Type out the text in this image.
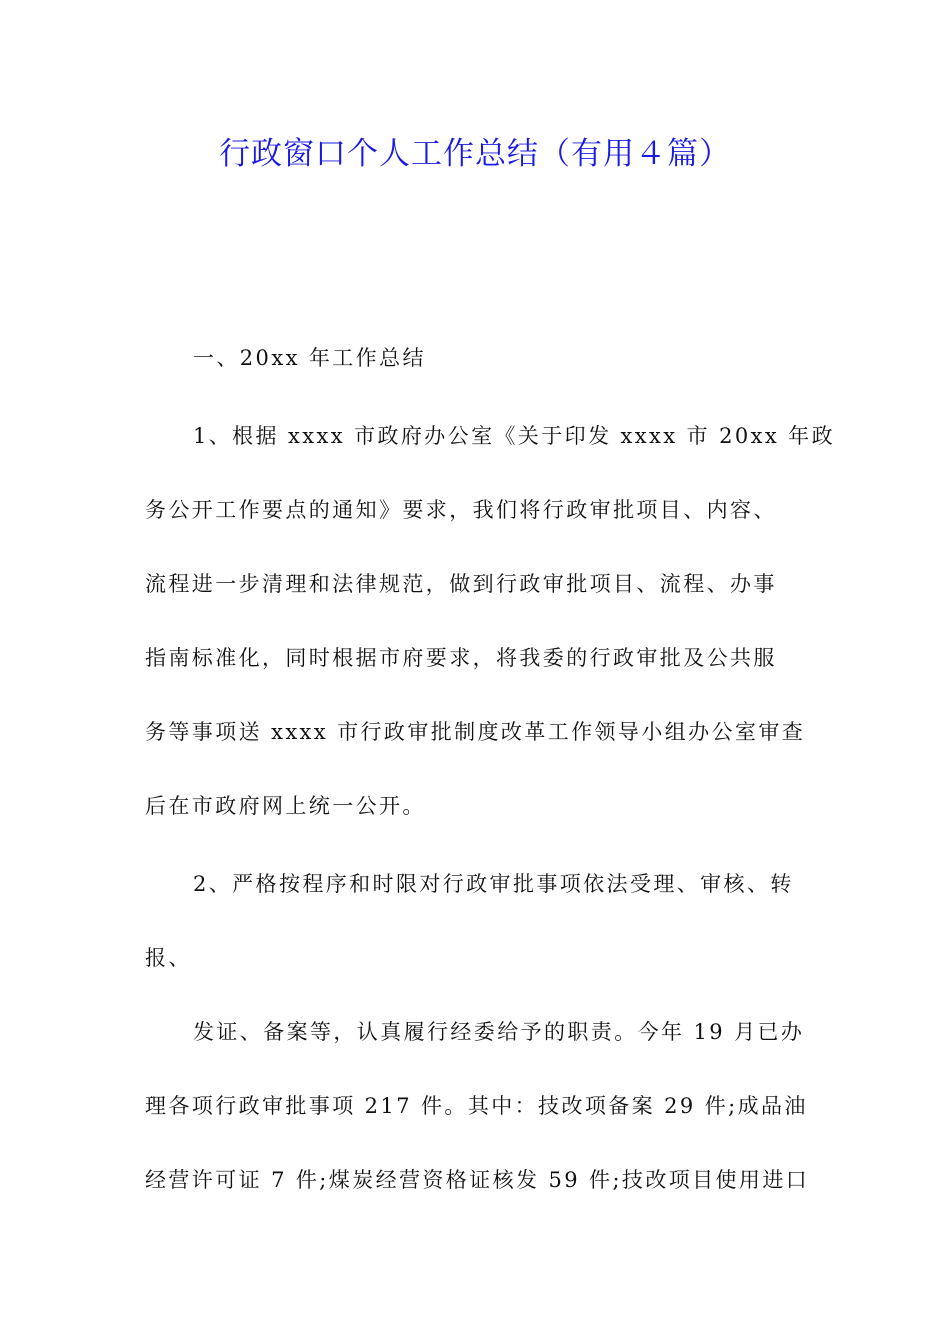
行政窗口个人工作总结（有用４篇）
一、20xx 年工作总结
1、根据 xxxx 市政府办公室《关于印发 xxxx 市 20xx 年政
务公开工作要点的通知》要求，我们将行政审批项目、内容、
流程进一步清理和法律规范，做到行政审批项目、流程、办事
指南标准化，同时根据市府要求，将我委的行政审批及公共服
务等事项送 xxxx 市行政审批制度改革工作领导小组办公室审查
后在市政府网上统一公开。
2、严格按程序和时限对行政审批事项依法受理、审核、转
报、
发证、备案等，认真履行经委给予的职责。今年 19 月已办
理各项行政审批事项 217 件。其中：技改项备案 29 件;成品油
经营许可证 7 件;煤炭经营资格证核发 59 件;技改项目使用进口
